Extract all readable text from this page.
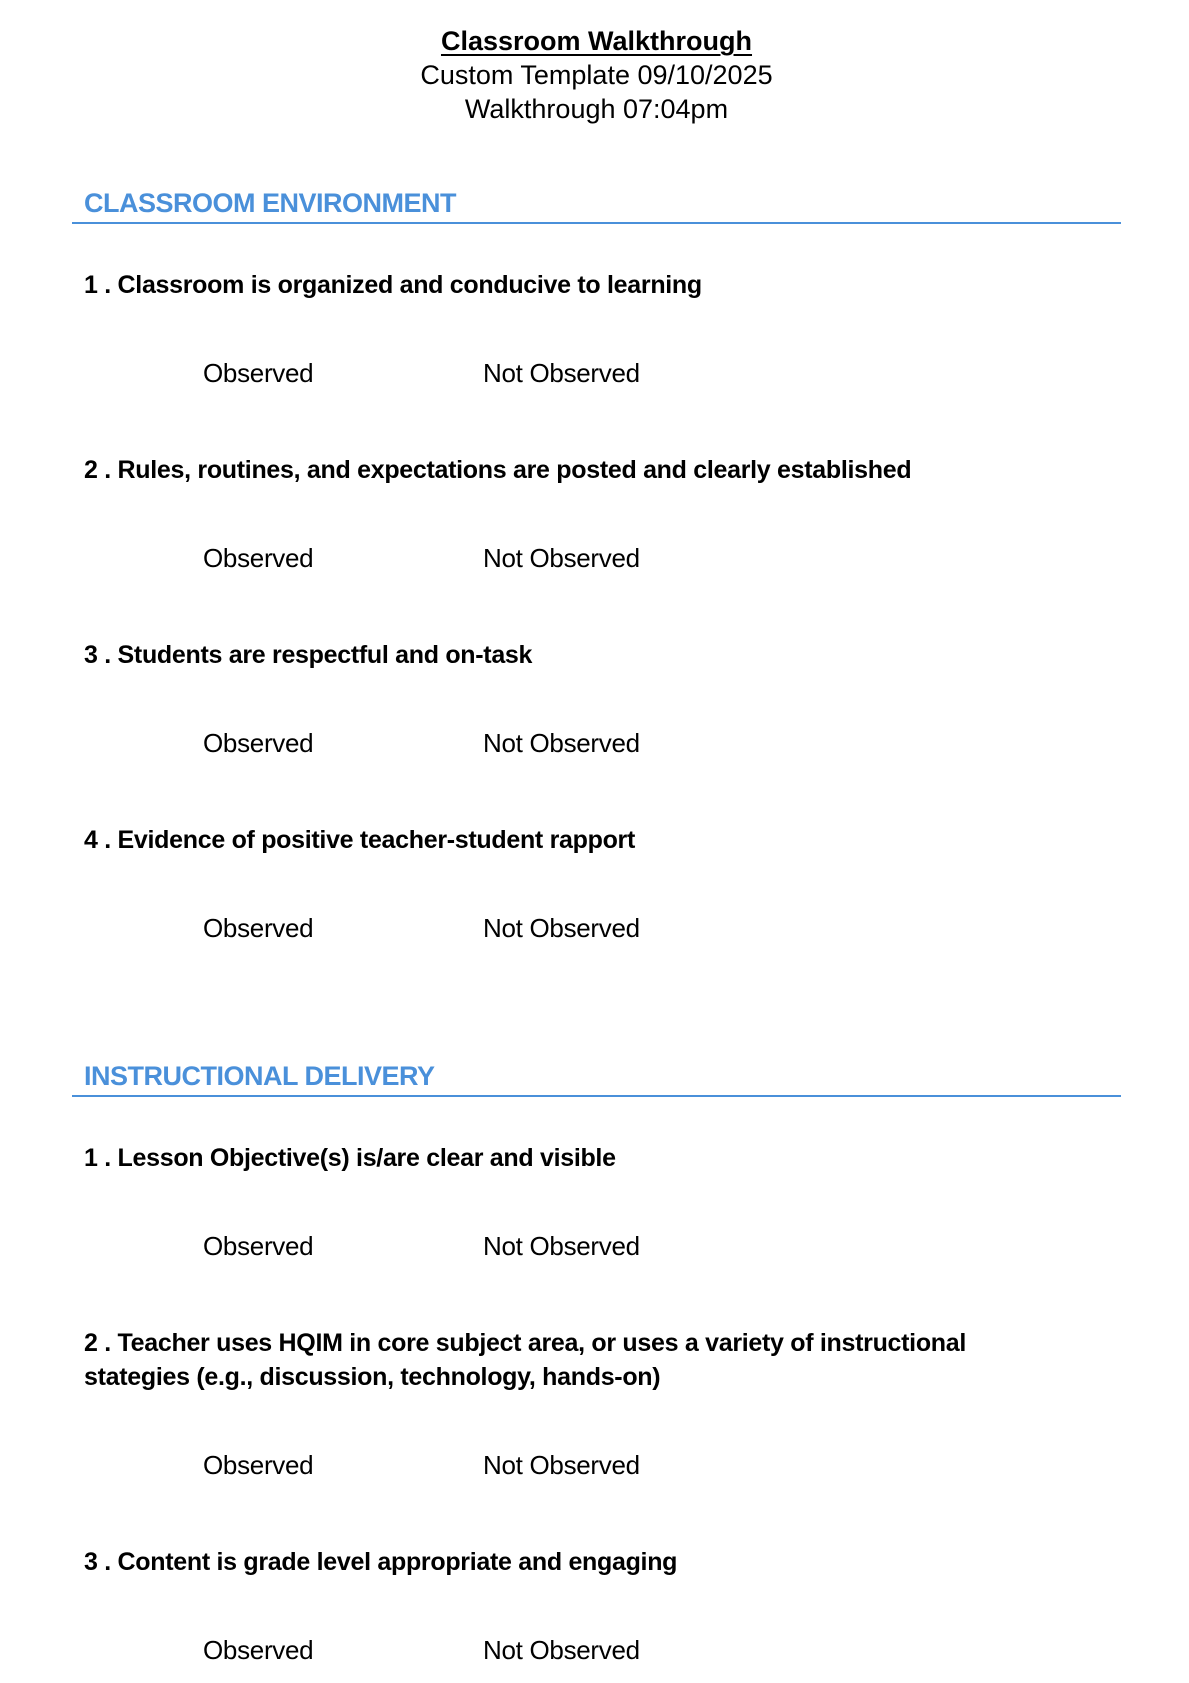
Classroom Walkthrough
Custom Template 09/10/2025
Walkthrough 07:04pm
CLASSROOM ENVIRONMENT
1 . Classroom is organized and conducive to learning
Observed	Not Observed
2 . Rules, routines, and expectations are posted and clearly established
Observed	Not Observed
3 . Students are respectful and on-task
Observed	Not Observed
4 . Evidence of positive teacher-student rapport
Observed	Not Observed
INSTRUCTIONAL DELIVERY
1 . Lesson Objective(s) is/are clear and visible
Observed	Not Observed
2 . Teacher uses HQIM in core subject area, or uses a variety of instructional stategies (e.g., discussion, technology, hands-on)
Observed	Not Observed
3 . Content is grade level appropriate and engaging
Observed	Not Observed
